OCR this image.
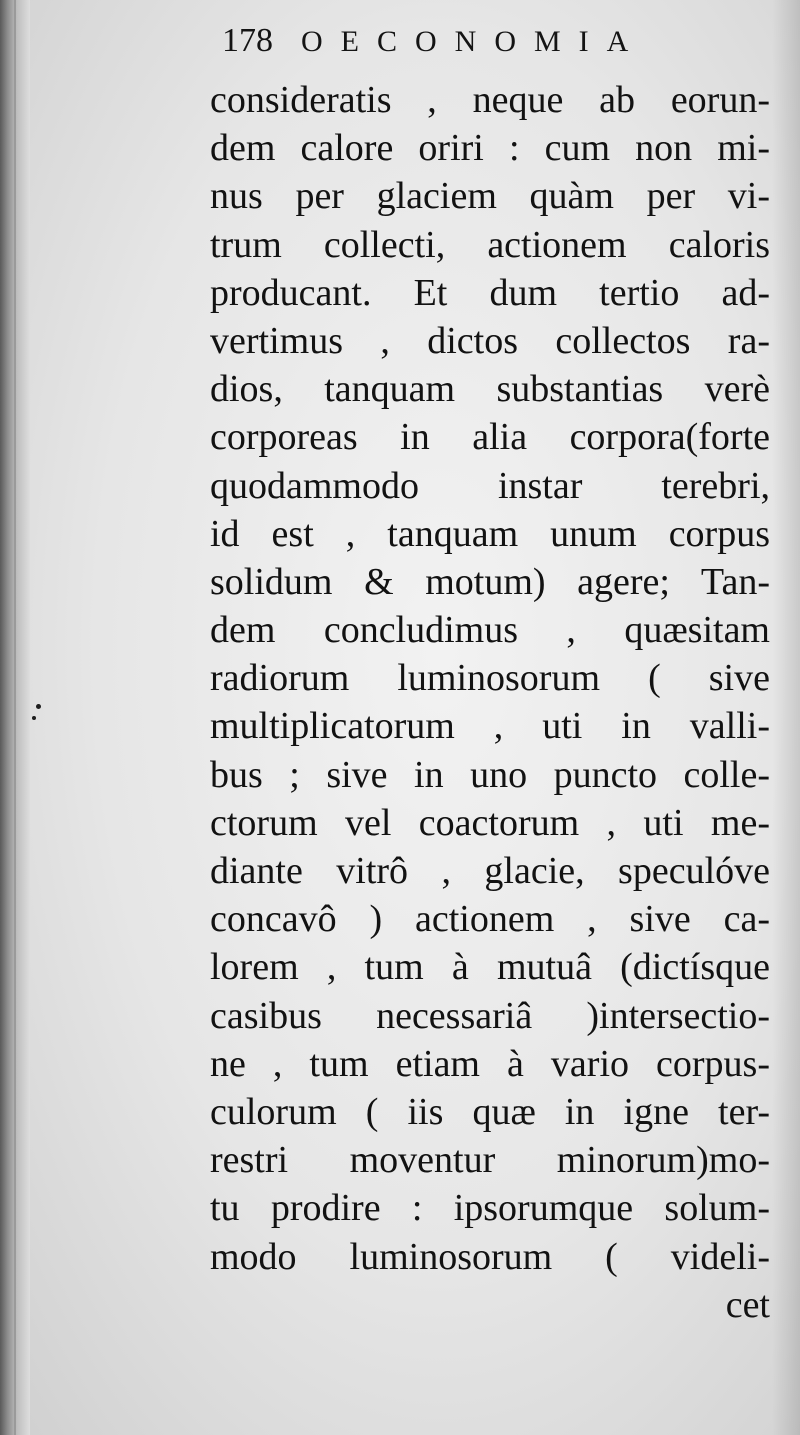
178 OECONOMIA
consideratis , neque ab eorun-
dem calore oriri : cum non mi-
nus per glaciem quàm per vi-
trum collecti, actionem caloris
producant. Et dum tertio ad-
vertimus , dictos collectos ra-
dios, tanquam substantias verè
corporeas in alia corpora(forte
quodammodo instar terebri,
id est , tanquam unum corpus
solidum & motum) agere; Tan-
dem concludimus , quæsitam
radiorum luminosorum ( sive
multiplicatorum , uti in valli-
bus ; sive in uno puncto colle-
ctorum vel coactorum , uti me-
diante vitrô , glacie, speculóve
concavô ) actionem , sive ca-
lorem , tum à mutuâ (dictísque
casibus necessariâ )intersectio-
ne , tum etiam à vario corpus-
culorum ( iis quæ in igne ter-
restri moventur minorum)mo-
tu prodire : ipsorumque solum-
modo luminosorum ( videli-
cet
